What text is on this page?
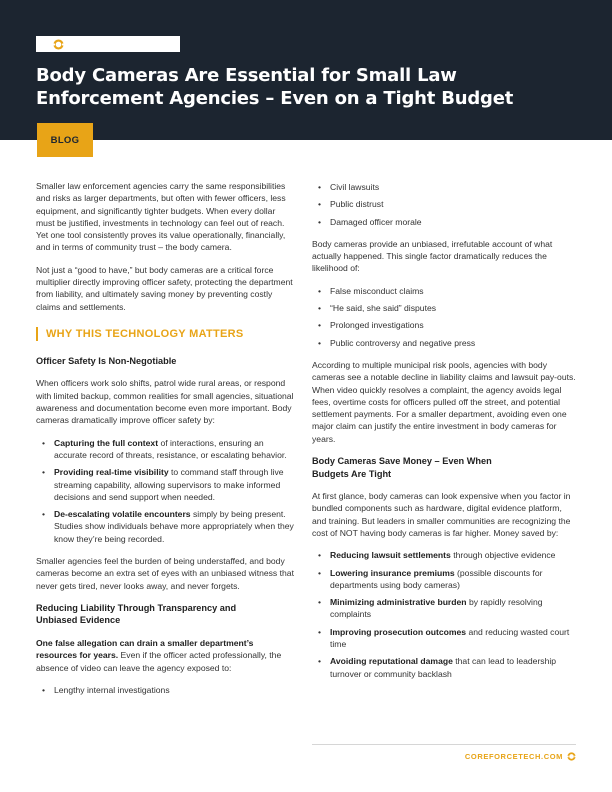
Body Cameras Are Essential for Small Law
Enforcement Agencies – Even on a Tight Budget
BLOG

Smaller law enforcement agencies carry the same responsibilities and risks as larger departments, but often with fewer officers, less equipment, and significantly tighter budgets. When every dollar must be justified, investments in technology can feel out of reach. Yet one tool consistently proves its value operationally, financially, and in terms of community trust – the body camera.

Not just a “good to have,” but body cameras are a critical force multiplier directly improving officer safety, protecting the department from liability, and ultimately saving money by preventing costly claims and settlements.

WHY THIS TECHNOLOGY MATTERS
Officer Safety Is Non-Negotiable

When officers work solo shifts, patrol wide rural areas, or respond with limited backup, common realities for small agencies, situational awareness and documentation become even more important. Body cameras dramatically improve officer safety by:

• Capturing the full context of interactions, ensuring an accurate record of threats, resistance, or escalating behavior.
• Providing real-time visibility to command staff through live streaming capability, allowing supervisors to make informed decisions and send support when needed.
• De-escalating volatile encounters simply by being present. Studies show individuals behave more appropriately when they know they’re being recorded.

Smaller agencies feel the burden of being understaffed, and body cameras become an extra set of eyes with an unbiased witness that never gets tired, never looks away, and never forgets.

Reducing Liability Through Transparency and
Unbiased Evidence

One false allegation can drain a smaller department’s resources for years. Even if the officer acted professionally, the absence of video can leave the agency exposed to:

• Lengthy internal investigations
• Civil lawsuits
• Public distrust
• Damaged officer morale

Body cameras provide an unbiased, irrefutable account of what actually happened. This single factor dramatically reduces the likelihood of:

• False misconduct claims
• “He said, she said” disputes
• Prolonged investigations
• Public controversy and negative press

According to multiple municipal risk pools, agencies with body cameras see a notable decline in liability claims and lawsuit pay-outs. When video quickly resolves a complaint, the agency avoids legal fees, overtime costs for officers pulled off the street, and potential settlement payments. For a smaller department, avoiding even one major claim can justify the entire investment in body cameras for years.

Body Cameras Save Money – Even When
Budgets Are Tight

At first glance, body cameras can look expensive when you factor in bundled components such as hardware, digital evidence platform, and training. But leaders in smaller communities are recognizing the cost of NOT having body cameras is far higher. Money saved by:

• Reducing lawsuit settlements through objective evidence
• Lowering insurance premiums (possible discounts for departments using body cameras)
• Minimizing administrative burden by rapidly resolving complaints
• Improving prosecution outcomes and reducing wasted court time
• Avoiding reputational damage that can lead to leadership turnover or community backlash
COREFORCETECH.COM
